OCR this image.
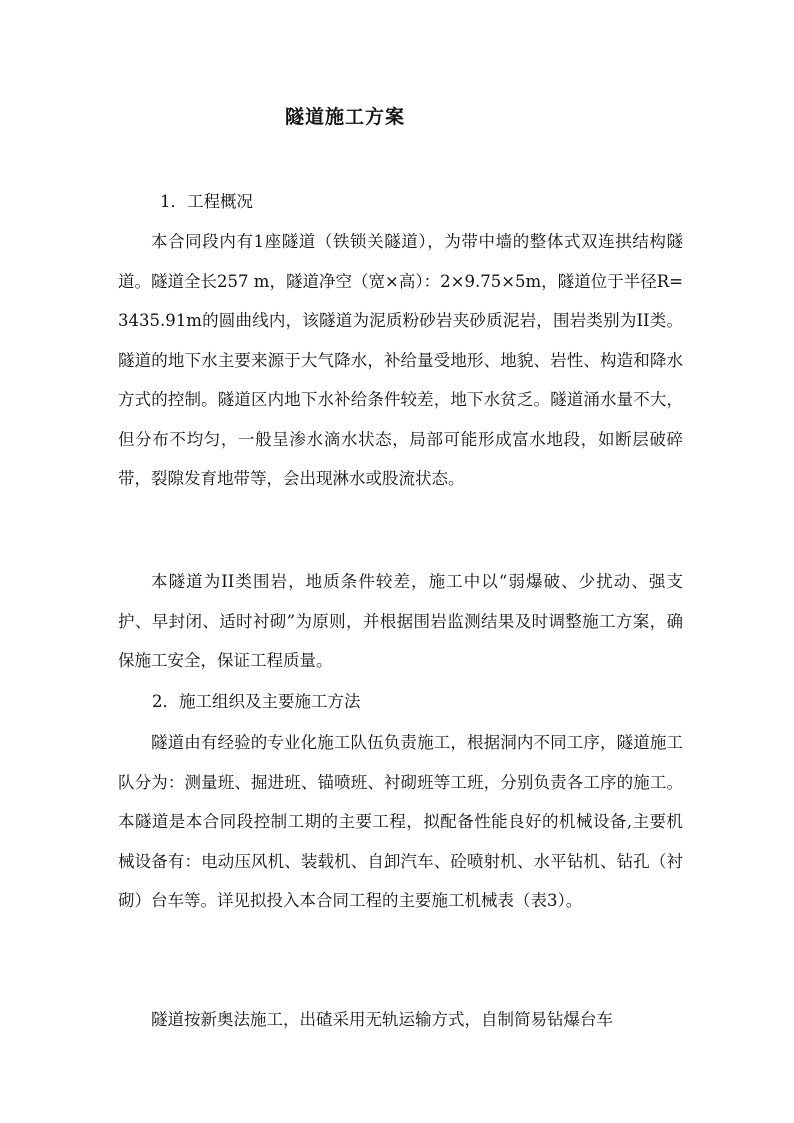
隧道施工方案
1．工程概况
本合同段内有1座隧道（铁锁关隧道），为带中墙的整体式双连拱结构隧道。隧道全长257 m，隧道净空（宽×高）：2×9.75×5m，隧道位于半径R=3435.91m的圆曲线内，该隧道为泥质粉砂岩夹砂质泥岩，围岩类别为II类。隧道的地下水主要来源于大气降水，补给量受地形、地貌、岩性、构造和降水方式的控制。隧道区内地下水补给条件较差，地下水贫乏。隧道涌水量不大，但分布不均匀，一般呈渗水滴水状态，局部可能形成富水地段，如断层破碎带，裂隙发育地带等，会出现淋水或股流状态。
本隧道为II类围岩，地质条件较差，施工中以“弱爆破、少扰动、强支护、早封闭、适时衬砌”为原则，并根据围岩监测结果及时调整施工方案，确保施工安全，保证工程质量。
2．施工组织及主要施工方法
隧道由有经验的专业化施工队伍负责施工，根据洞内不同工序，隧道施工队分为：测量班、掘进班、锚喷班、衬砌班等工班，分别负责各工序的施工。本隧道是本合同段控制工期的主要工程，拟配备性能良好的机械设备,主要机械设备有：电动压风机、装载机、自卸汽车、砼喷射机、水平钻机、钻孔（衬砌）台车等。详见拟投入本合同工程的主要施工机械表（表3）。
隧道按新奥法施工，出碴采用无轨运输方式，自制简易钻爆台车
